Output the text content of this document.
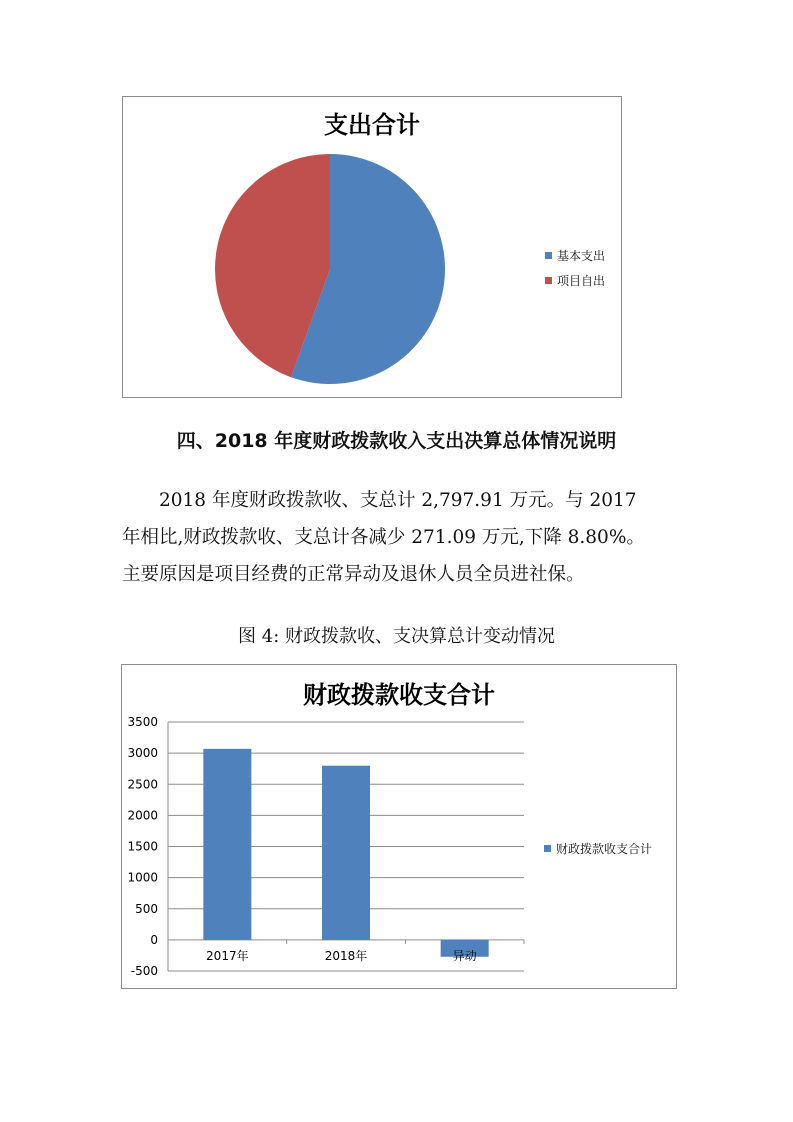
支出合计
基本支出
项目自出
四、2018 年度财政拨款收入支出决算总体情况说明
2018 年度财政拨款收、支总计 2,797.91 万元。与 2017
年相比,财政拨款收、支总计各减少 271.09 万元,下降 8.80%。
主要原因是项目经费的正常异动及退休人员全员进社保。
图 4: 财政拨款收、支决算总计变动情况
财政拨款收支合计
3500
3000
2500
2000
1500
1000
500
0
-500
2017年	2018年	异动
财政拨款收支合计
